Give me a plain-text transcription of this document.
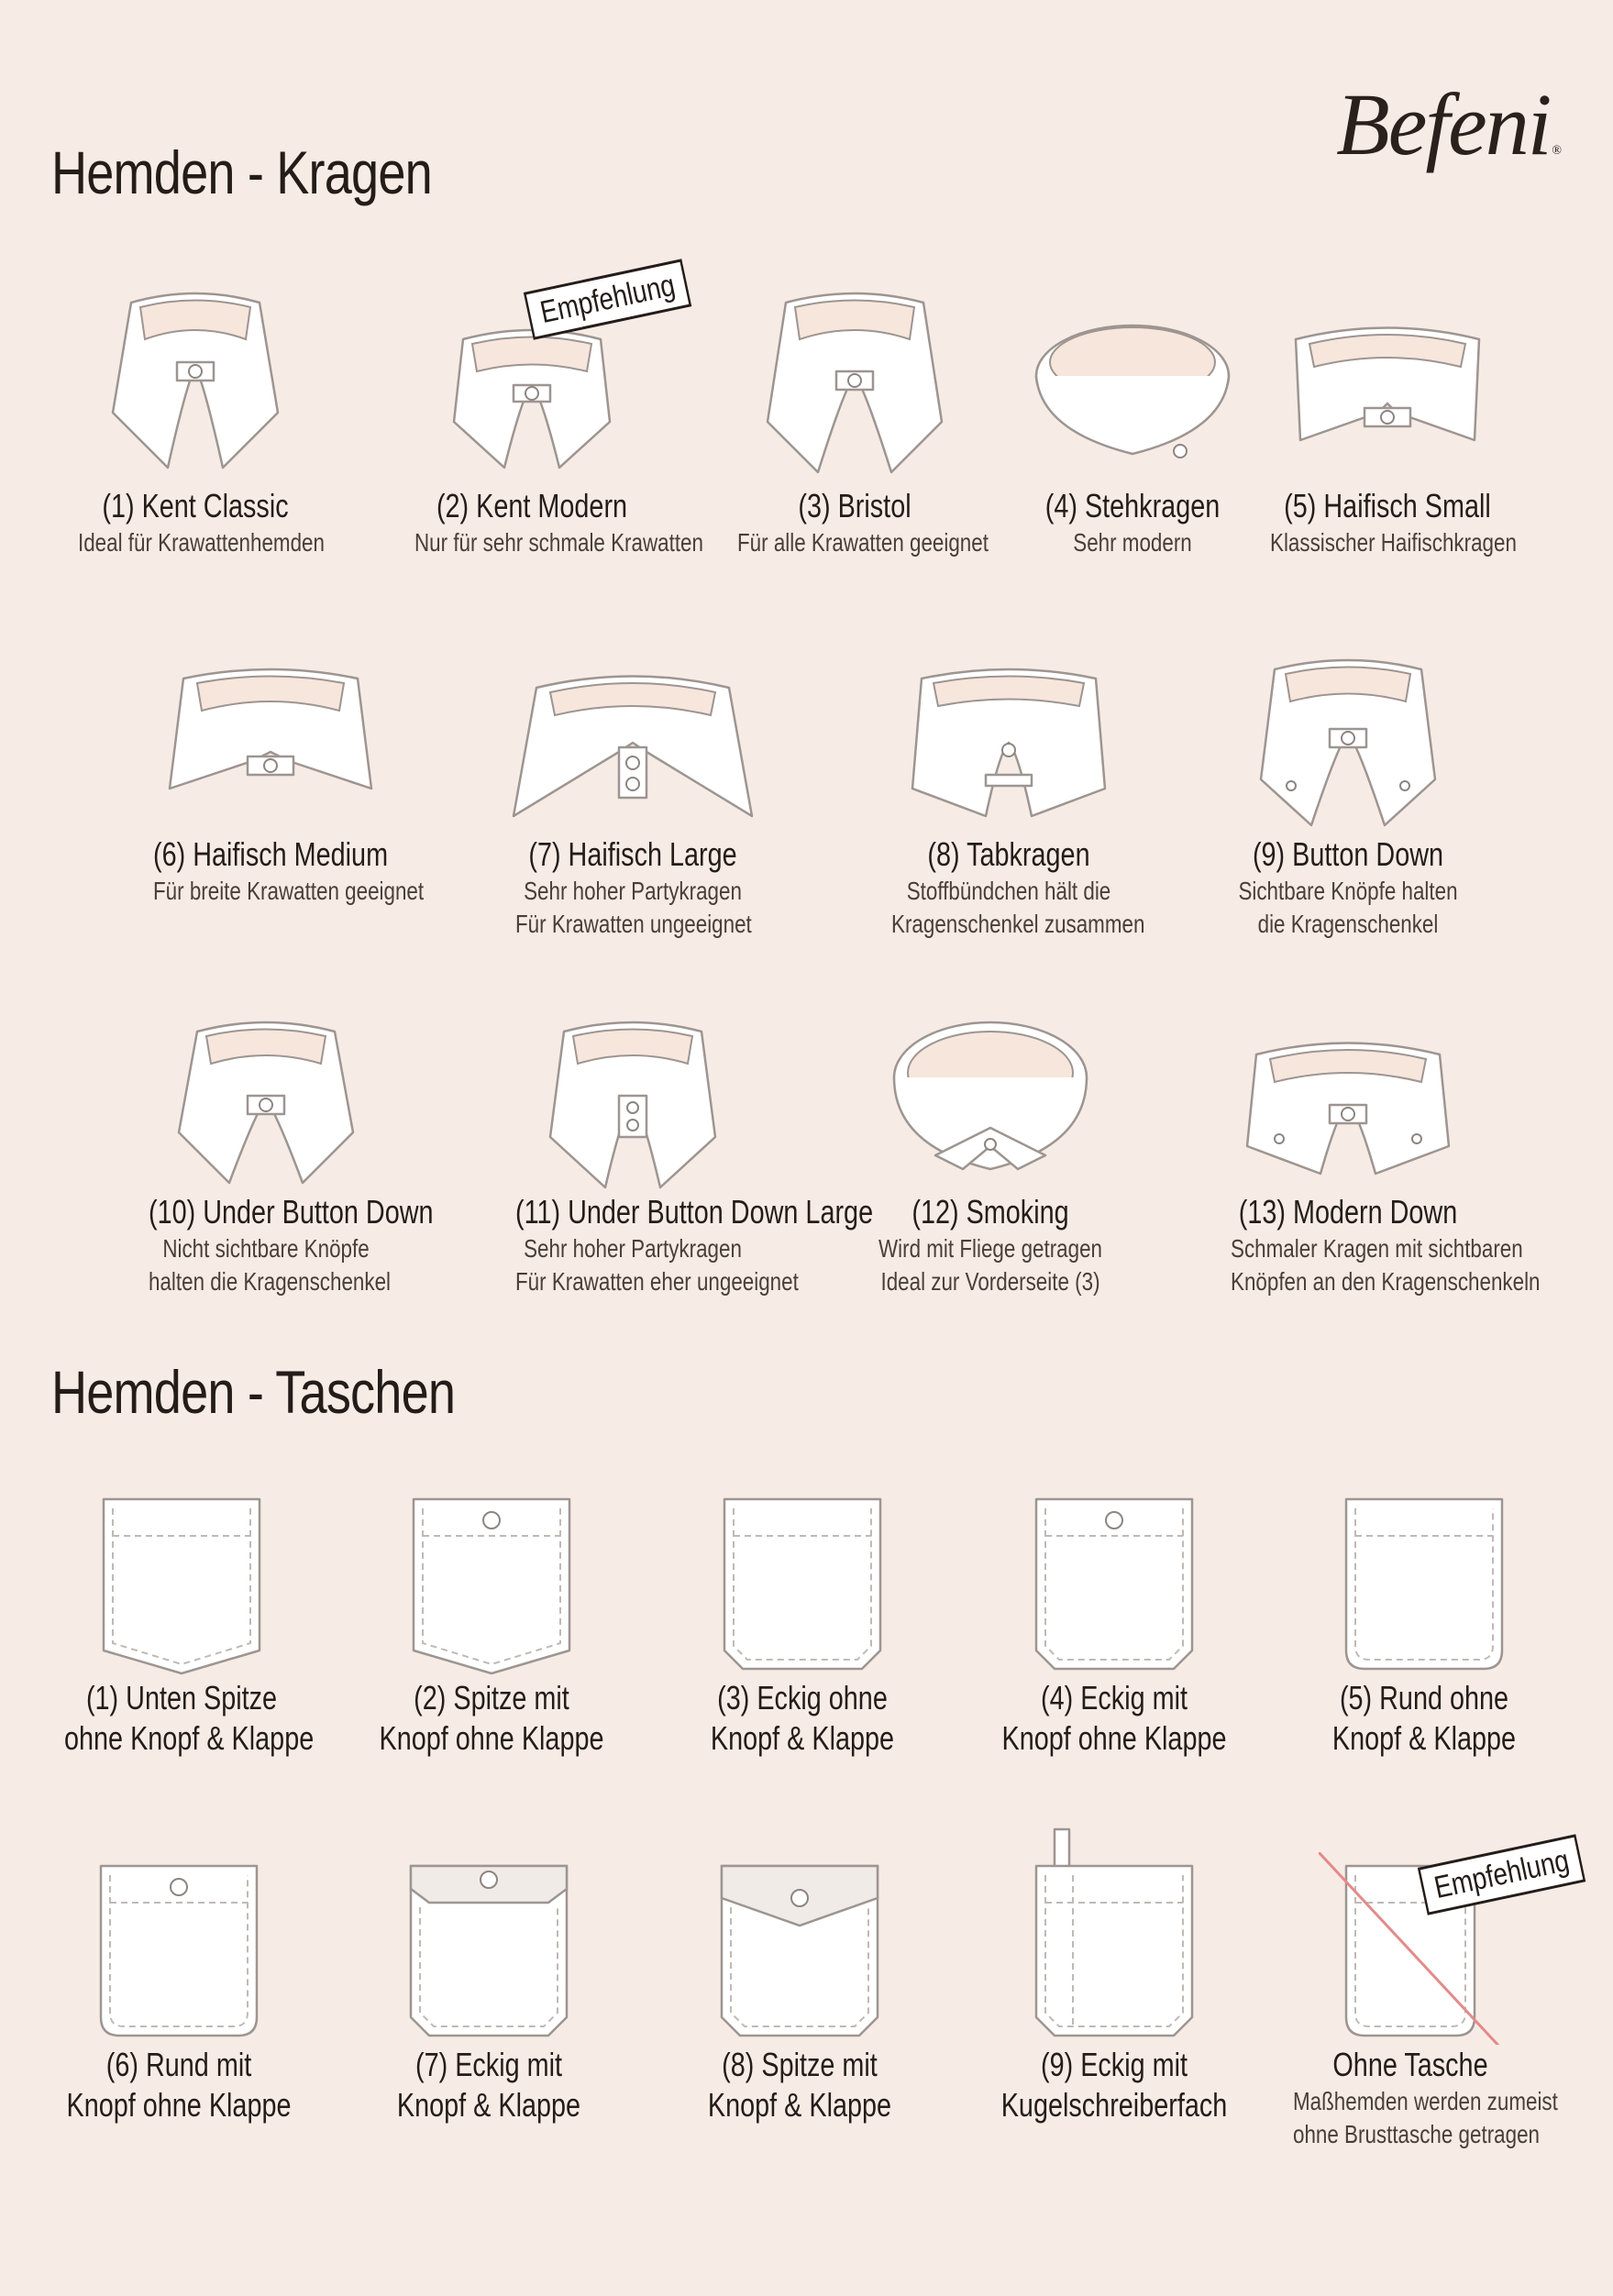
Befeni ®
Hemden - Kragen
(1) Kent Classic
Ideal für Krawattenhemden
(2) Kent Modern
Nur für sehr schmale Krawatten
Empfehlung
(3) Bristol
Für alle Krawatten geeignet
(4) Stehkragen
Sehr modern
(5) Haifisch Small
Klassischer Haifischkragen
(6) Haifisch Medium
Für breite Krawatten geeignet
(7) Haifisch Large
Sehr hoher Partykragen
Für Krawatten ungeeignet
(8) Tabkragen
Stoffbündchen hält die
Kragenschenkel zusammen
(9) Button Down
Sichtbare Knöpfe halten
die Kragenschenkel
(10) Under Button Down
Nicht sichtbare Knöpfe
halten die Kragenschenkel
(11) Under Button Down Large
Sehr hoher Partykragen
Für Krawatten eher ungeeignet
(12) Smoking
Wird mit Fliege getragen
Ideal zur Vorderseite (3)
(13) Modern Down
Schmaler Kragen mit sichtbaren
Knöpfen an den Kragenschenkeln
Hemden - Taschen
(1) Unten Spitze
ohne Knopf & Klappe
(2) Spitze mit
Knopf ohne Klappe
(3) Eckig ohne
Knopf & Klappe
(4) Eckig mit
Knopf ohne Klappe
(5) Rund ohne
Knopf & Klappe
(6) Rund mit
Knopf ohne Klappe
(7) Eckig mit
Knopf & Klappe
(8) Spitze mit
Knopf & Klappe
(9) Eckig mit
Kugelschreiberfach
Ohne Tasche
Maßhemden werden zumeist
ohne Brusttasche getragen
Empfehlung
